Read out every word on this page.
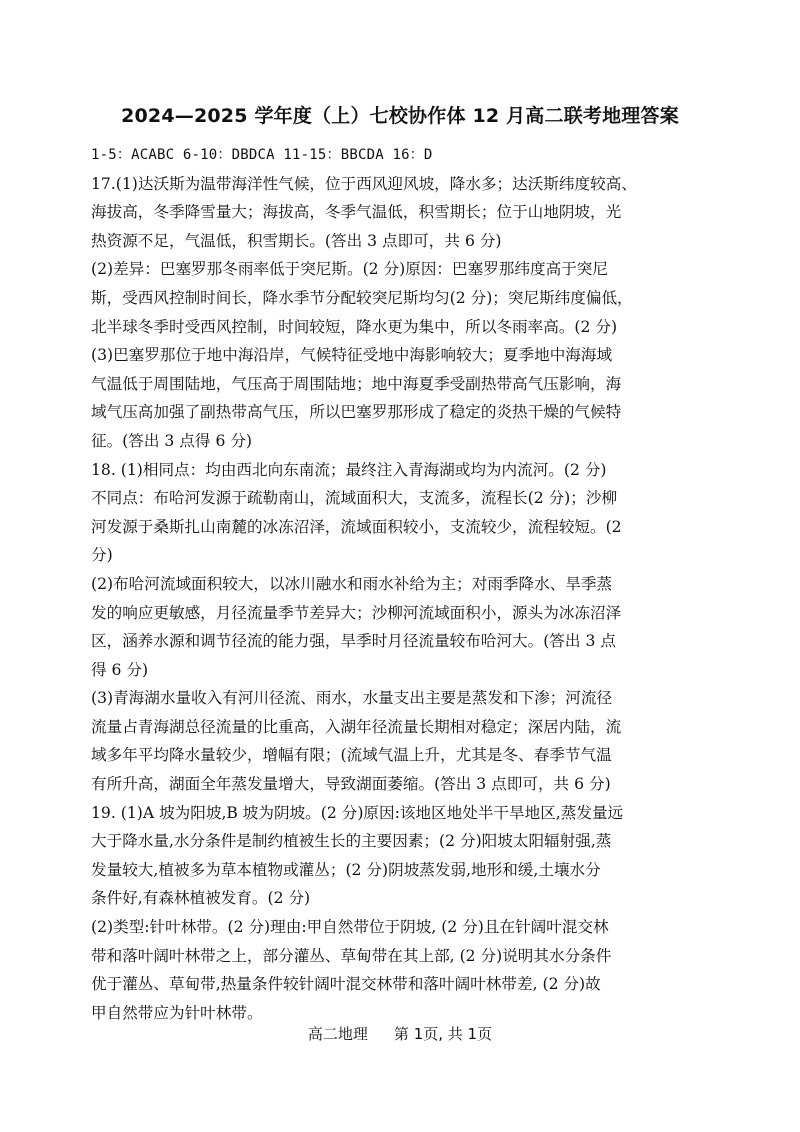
2024—2025 学年度（上）七校协作体 12 月高二联考地理答案
1-5：ACABC 6-10：DBDCA 11-15：BBCDA 16：D
17.(1)达沃斯为温带海洋性气候，位于西风迎风坡，降水多；达沃斯纬度较高、
海拔高，冬季降雪量大；海拔高，冬季气温低，积雪期长；位于山地阴坡，光
热资源不足，气温低，积雪期长。(答出 3 点即可，共 6 分)
(2)差异：巴塞罗那冬雨率低于突尼斯。(2 分)原因：巴塞罗那纬度高于突尼
斯，受西风控制时间长，降水季节分配较突尼斯均匀(2 分)；突尼斯纬度偏低，
北半球冬季时受西风控制，时间较短，降水更为集中，所以冬雨率高。(2 分)
(3)巴塞罗那位于地中海沿岸，气候特征受地中海影响较大；夏季地中海海域
气温低于周围陆地，气压高于周围陆地；地中海夏季受副热带高气压影响，海
域气压高加强了副热带高气压，所以巴塞罗那形成了稳定的炎热干燥的气候特
征。(答出 3 点得 6 分)
18. (1)相同点：均由西北向东南流；最终注入青海湖或均为内流河。(2 分)
不同点：布哈河发源于疏勒南山，流域面积大，支流多，流程长(2 分)；沙柳
河发源于桑斯扎山南麓的冰冻沼泽，流域面积较小，支流较少，流程较短。(2
分)
(2)布哈河流域面积较大，以冰川融水和雨水补给为主；对雨季降水、旱季蒸
发的响应更敏感，月径流量季节差异大；沙柳河流域面积小，源头为冰冻沼泽
区，涵养水源和调节径流的能力强，旱季时月径流量较布哈河大。(答出 3 点
得 6 分)
(3)青海湖水量收入有河川径流、雨水，水量支出主要是蒸发和下渗；河流径
流量占青海湖总径流量的比重高，入湖年径流量长期相对稳定；深居内陆，流
域多年平均降水量较少，增幅有限；(流域气温上升，尤其是冬、春季节气温
有所升高，湖面全年蒸发量增大，导致湖面萎缩。(答出 3 点即可，共 6 分)
19. (1)A 坡为阳坡,B 坡为阴坡。(2 分)原因:该地区地处半干旱地区,蒸发量远
大于降水量,水分条件是制约植被生长的主要因素；(2 分)阳坡太阳辐射强,蒸
发量较大,植被多为草本植物或灌丛；(2 分)阴坡蒸发弱,地形和缓,土壤水分
条件好,有森林植被发育。(2 分)
(2)类型:针叶林带。(2 分)理由:甲自然带位于阴坡, (2 分)且在针阔叶混交林
带和落叶阔叶林带之上，部分灌丛、草甸带在其上部, (2 分)说明其水分条件
优于灌丛、草甸带,热量条件较针阔叶混交林带和落叶阔叶林带差, (2 分)故
甲自然带应为针叶林带。
高二地理 第 1页, 共 1页
